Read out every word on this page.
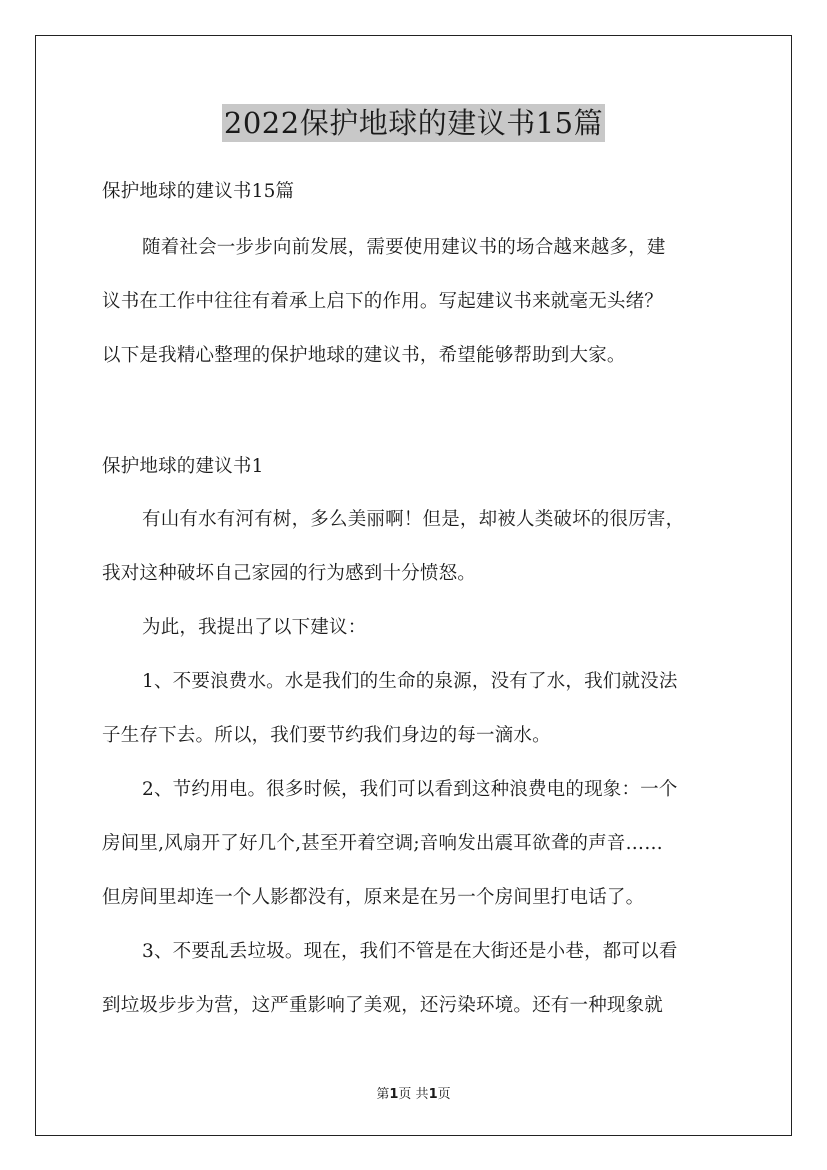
2022保护地球的建议书15篇
保护地球的建议书15篇
随着社会一步步向前发展，需要使用建议书的场合越来越多，建
议书在工作中往往有着承上启下的作用。写起建议书来就毫无头绪？
以下是我精心整理的保护地球的建议书，希望能够帮助到大家。
保护地球的建议书1
有山有水有河有树，多么美丽啊！但是，却被人类破坏的很厉害，
我对这种破坏自己家园的行为感到十分愤怒。
为此，我提出了以下建议：
1、不要浪费水。水是我们的生命的泉源，没有了水，我们就没法
子生存下去。所以，我们要节约我们身边的每一滴水。
2、节约用电。很多时候，我们可以看到这种浪费电的现象：一个
房间里,风扇开了好几个,甚至开着空调;音响发出震耳欲聋的声音……
但房间里却连一个人影都没有，原来是在另一个房间里打电话了。
3、不要乱丢垃圾。现在，我们不管是在大街还是小巷，都可以看
到垃圾步步为营，这严重影响了美观，还污染环境。还有一种现象就
第1页 共1页
